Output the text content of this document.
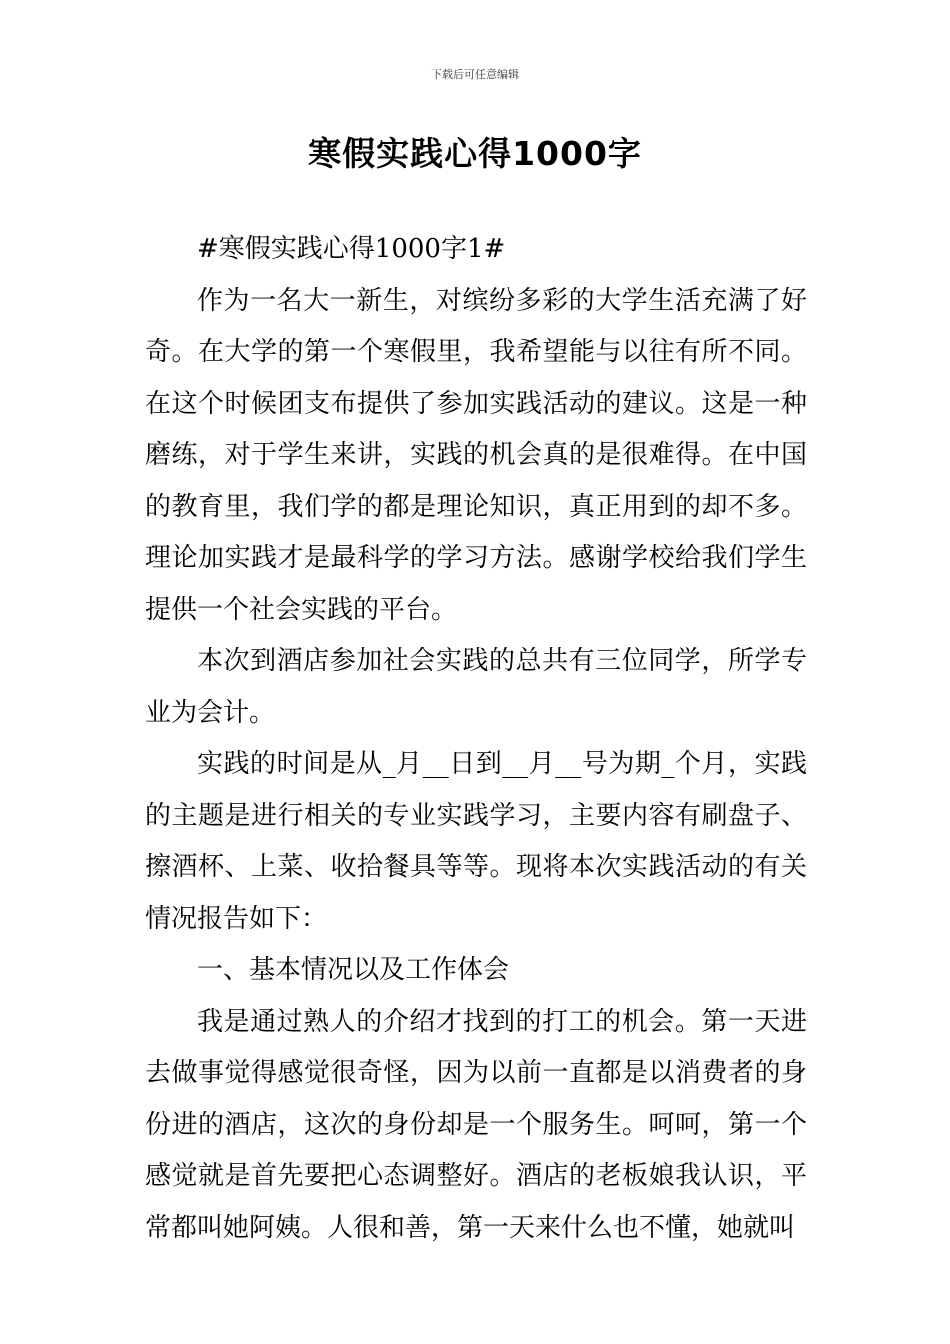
下载后可任意编辑
寒假实践心得1000字

#寒假实践心得1000字1#

作为一名大一新生，对缤纷多彩的大学生活充满了好奇。在大学的第一个寒假里，我希望能与以往有所不同。在这个时候团支布提供了参加实践活动的建议。这是一种磨练，对于学生来讲，实践的机会真的是很难得。在中国的教育里，我们学的都是理论知识，真正用到的却不多。理论加实践才是最科学的学习方法。感谢学校给我们学生提供一个社会实践的平台。

本次到酒店参加社会实践的总共有三位同学，所学专业为会计。

实践的时间是从_月__日到__月__号为期_个月，实践的主题是进行相关的专业实践学习，主要内容有刷盘子、擦酒杯、上菜、收拾餐具等等。现将本次实践活动的有关情况报告如下：

一、基本情况以及工作体会

我是通过熟人的介绍才找到的打工的机会。第一天进去做事觉得感觉很奇怪，因为以前一直都是以消费者的身份进的酒店，这次的身份却是一个服务生。呵呵，第一个感觉就是首先要把心态调整好。酒店的老板娘我认识，平常都叫她阿姨。人很和善，第一天来什么也不懂，她就叫
